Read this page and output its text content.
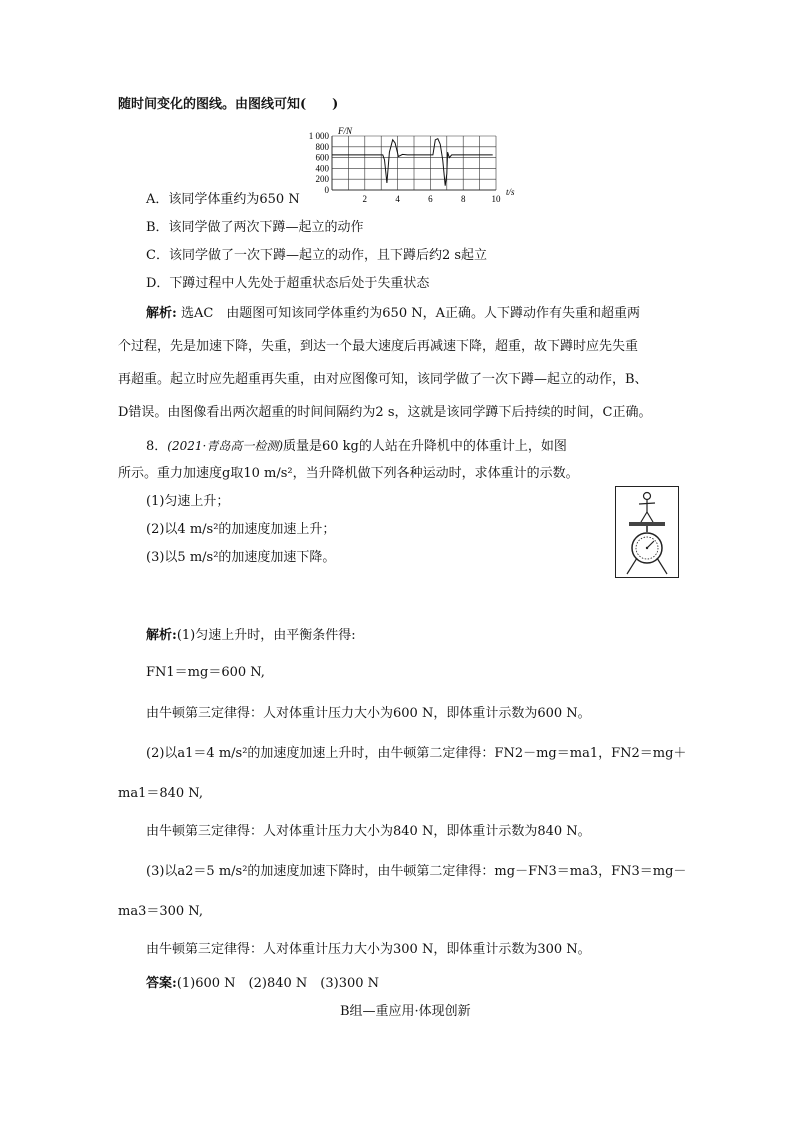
随时间变化的图线。由图线可知(　　)
1 000
800
600
400
200
0
2	4	6	8	10
F/N
t/s
A．该同学体重约为650 N
B．该同学做了两次下蹲—起立的动作
C．该同学做了一次下蹲—起立的动作，且下蹲后约2 s起立
D．下蹲过程中人先处于超重状态后处于失重状态
解析: 选AC　由题图可知该同学体重约为650 N，A正确。人下蹲动作有失重和超重两
个过程，先是加速下降，失重，到达一个最大速度后再减速下降，超重，故下蹲时应先失重
再超重。起立时应先超重再失重，由对应图像可知，该同学做了一次下蹲—起立的动作，B、
D错误。由图像看出两次超重的时间间隔约为2 s，这就是该同学蹲下后持续的时间，C正确。
8．(2021·青岛高一检测)质量是60 kg的人站在升降机中的体重计上，如图
所示。重力加速度g取10 m/s²，当升降机做下列各种运动时，求体重计的示数。
(1)匀速上升；
(2)以4 m/s²的加速度加速上升；
(3)以5 m/s²的加速度加速下降。
解析:(1)匀速上升时，由平衡条件得:
FN1＝mg＝600 N,
由牛顿第三定律得：人对体重计压力大小为600 N，即体重计示数为600 N。
(2)以a1＝4 m/s²的加速度加速上升时，由牛顿第二定律得：FN2－mg＝ma1，FN2＝mg＋
ma1＝840 N,
由牛顿第三定律得：人对体重计压力大小为840 N，即体重计示数为840 N。
(3)以a2＝5 m/s²的加速度加速下降时，由牛顿第二定律得：mg－FN3＝ma3，FN3＝mg－
ma3＝300 N,
由牛顿第三定律得：人对体重计压力大小为300 N，即体重计示数为300 N。
答案:(1)600 N　(2)840 N　(3)300 N
B组—重应用·体现创新
